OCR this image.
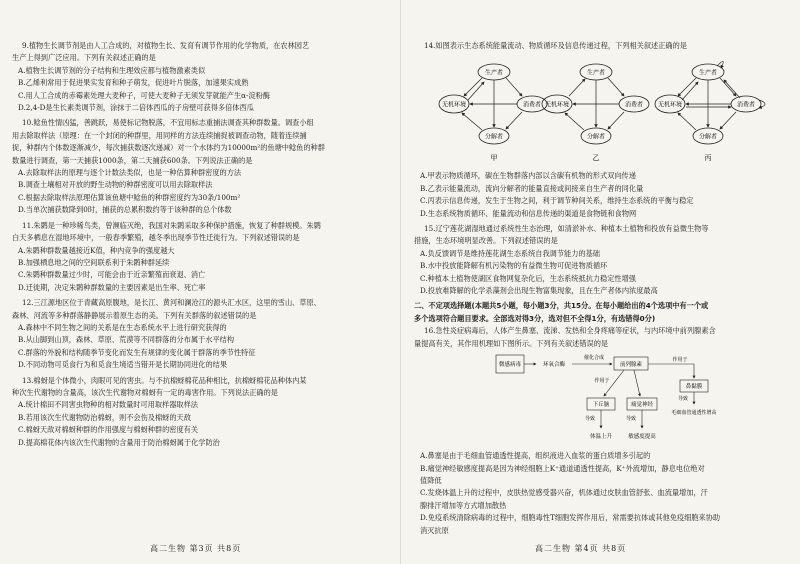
9.植物生长调节剂是由人工合成的，对植物生长、发育有调节作用的化学物质，在农林园艺

生产上得到广泛应用。下列有关叙述正确的是

A.植物生长调节剂的分子结构和生理效应都与植物激素类似

B.乙烯利常用于促进果实发育和种子萌发，促进叶片脱落，加速果实成熟

C.用人工合成的赤霉素处理大麦种子，可使大麦种子无须发芽就能产生α-淀粉酶

D.2,4-D是生长素类调节剂，涂抹于二倍体西瓜的子房壁可获得多倍体西瓜

10.鲶鱼性情凶猛，善跳跃，易使标记物脱落，不宜用标志重捕法调查其种群数量。调查小组

用去除取样法（原理：在一个封闭的种群里，用同样的方法连续捕捉被调查动物，随着连续捕

捉，种群内个体数逐渐减少，每次捕获数逐次递减）对一个水体约为10000m²的鱼塘中鲶鱼的种群

数量进行调查，第一天捕获1000条，第二天捕获600条。下列说法正确的是

A.去除取样法的原理与逐个计数法类似，也是一种估算种群密度的方法

B.调查土壤相对开放的野生动物的种群密度可以用去除取样法

C.根据去除取样法原理估算该鱼塘中鲶鱼的种群密度约为30条/100m²

D.当单次捕获数降到0时，捕获的总累积数约等于该种群的总个体数

11.朱鹮是一种珍稀鸟类，曾濒临灭绝，我国对朱鹮采取多种保护措施，恢复了种群规模。朱鹮

白天多栖息在湿地环境中，一般春季繁殖，越冬季出现季节性迁徙行为。下列叙述错误的是

A.朱鹮种群数量越接近K值，种内竞争的强度越大

B.加强栖息地之间的空间联系利于朱鹮种群延续

C.朱鹮种群数量过少时，可能会由于近亲繁殖而衰退、消亡

D.迁徙期，决定朱鹮种群数量的主要因素是出生率、死亡率

12.三江源地区位于青藏高原腹地，是长江、黄河和澜沧江的源头汇水区，这里的雪山、草原、

森林、河流等多种群落静静展示着原生态的美。下列有关群落的叙述错误的是

A.森林中不同生物之间的关系是在生态系统水平上进行研究获得的

B.从山脚到山顶，森林、草原、荒漠等不同群落的分布属于水平结构

C.群落的外貌和结构随季节变化而发生有规律的变化属于群落的季节性特征

D.不同动物可觅食行为和觅食生境适当错开是长期协同进化的结果

13.棉蚜是个体微小，肉眼可见的害虫。与不抗棉蚜棉花品种相比，抗棉蚜棉花品种体内某

种次生代谢物的含量高，该次生代谢物对棉蚜有一定的毒害作用。下列说法正确的是

A.统计棉田不同害虫物种的相对数量时可用取样器取样法

B.若用该次生代谢物防治棉蚜，则不会伤及棉蚜的天敌

C.棉蚜天敌对棉蚜种群的作用强度与棉蚜种群的密度有关

D.提高棉花体内该次生代谢物的含量用于防治棉蚜属于化学防治

高二生物 第3页 共8页

14.如图表示生态系统能量流动、物质循环及信息传递过程，下列相关叙述正确的是

生产者
无机环境	消费者
分解者
甲
生产者
无机环境	消费者
分解者
乙
生产者
无机环境	消费者
分解者
丙

A.甲表示物质循环，碳在生物群落内部以含碳有机物的形式双向传递

B.乙表示能量流动，流向分解者的能量直接或间接来自生产者的同化量

C.丙表示信息传递，发生于生物之间，利于调节种间关系，维持生态系统的平衡与稳定

D.生态系统物质循环、能量流动和信息传递的渠道是食物链和食物网

15.辽宁莲花湖湿地通过系统性生态治理，如清淤补水、种植本土植物和投放有益微生物等

措施，生态环境明显改善。下列叙述错误的是

A.负反馈调节是维持莲花湖生态系统自我调节能力的基础

B.水中投放能降解有机污染物的有益微生物可促进物质循环

C.种植本土植物使湖区食物网复杂化后，生态系统抵抗力稳定性增强

D.投放难降解的化学杀藻剂会出现生物富集现象，且在生产者体内浓度最高

二、不定项选择题(本题共5小题，每小题3分，共15分。在每小题给出的4个选项中有一个或

多个选项符合题目要求。全部选对得3分，选对但不全得1分，有选错得0分)

16.急性炎症病毒后，人体产生鼻塞、流涕、发热和全身疼痛等症状，与内环境中前列腺素含

量提高有关，其作用机理如下图所示。下列有关叙述错误的是

微感病毒	环氧合酶
催化合成
前列腺素
作用于
作用于
下丘脑	痛觉神经
鼻黏膜
导致	导致
导致
毛细血管通透性增高
体温上升	敏感度提高

A.鼻塞是由于毛细血管通透性提高，组织液进入血浆的蛋白质增多引起的

B.痛觉神经敏感度提高是因为神经细胞上K⁺通道通透性提高，K⁺外流增加，静息电位绝对

值降低

C.发烧体温上升的过程中，皮肤热觉感受器兴奋，机体通过皮肤血管舒张、血流量增加，汗

腺排汗增加等方式增加散热

D.免疫系统清除病毒的过程中，细胞毒性T细胞发挥作用后，常需要抗体或其他免疫细胞来协助

消灭抗原

高二生物 第4页 共8页
